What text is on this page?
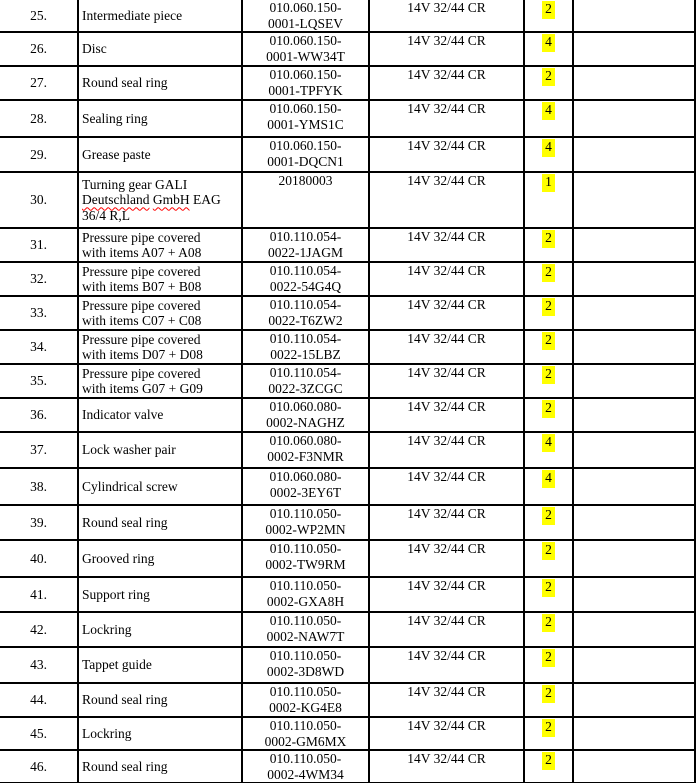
25.	Intermediate piece	010.060.150-
0001-LQSEV	14V 32/44 CR	2	
26.	Disc	010.060.150-
0001-WW34T	14V 32/44 CR	4	
27.	Round seal ring	010.060.150-
0001-TPFYK	14V 32/44 CR	2	
28.	Sealing ring	010.060.150-
0001-YMS1C	14V 32/44 CR	4	
29.	Grease paste	010.060.150-
0001-DQCN1	14V 32/44 CR	4	
30.	Turning gear GALI
Deutschland GmbH EAG
36/4 R,L	20180003	14V 32/44 CR	1	
31.	Pressure pipe covered
with items A07 + A08	010.110.054-
0022-1JAGM	14V 32/44 CR	2	
32.	Pressure pipe covered
with items B07 + B08	010.110.054-
0022-54G4Q	14V 32/44 CR	2	
33.	Pressure pipe covered
with items C07 + C08	010.110.054-
0022-T6ZW2	14V 32/44 CR	2	
34.	Pressure pipe covered
with items D07 + D08	010.110.054-
0022-15LBZ	14V 32/44 CR	2	
35.	Pressure pipe covered
with items G07 + G09	010.110.054-
0022-3ZCGC	14V 32/44 CR	2	
36.	Indicator valve	010.060.080-
0002-NAGHZ	14V 32/44 CR	2	
37.	Lock washer pair	010.060.080-
0002-F3NMR	14V 32/44 CR	4	
38.	Cylindrical screw	010.060.080-
0002-3EY6T	14V 32/44 CR	4	
39.	Round seal ring	010.110.050-
0002-WP2MN	14V 32/44 CR	2	
40.	Grooved ring	010.110.050-
0002-TW9RM	14V 32/44 CR	2	
41.	Support ring	010.110.050-
0002-GXA8H	14V 32/44 CR	2	
42.	Lockring	010.110.050-
0002-NAW7T	14V 32/44 CR	2	
43.	Tappet guide	010.110.050-
0002-3D8WD	14V 32/44 CR	2	
44.	Round seal ring	010.110.050-
0002-KG4E8	14V 32/44 CR	2	
45.	Lockring	010.110.050-
0002-GM6MX	14V 32/44 CR	2	
46.	Round seal ring	010.110.050-
0002-4WM34	14V 32/44 CR	2	
